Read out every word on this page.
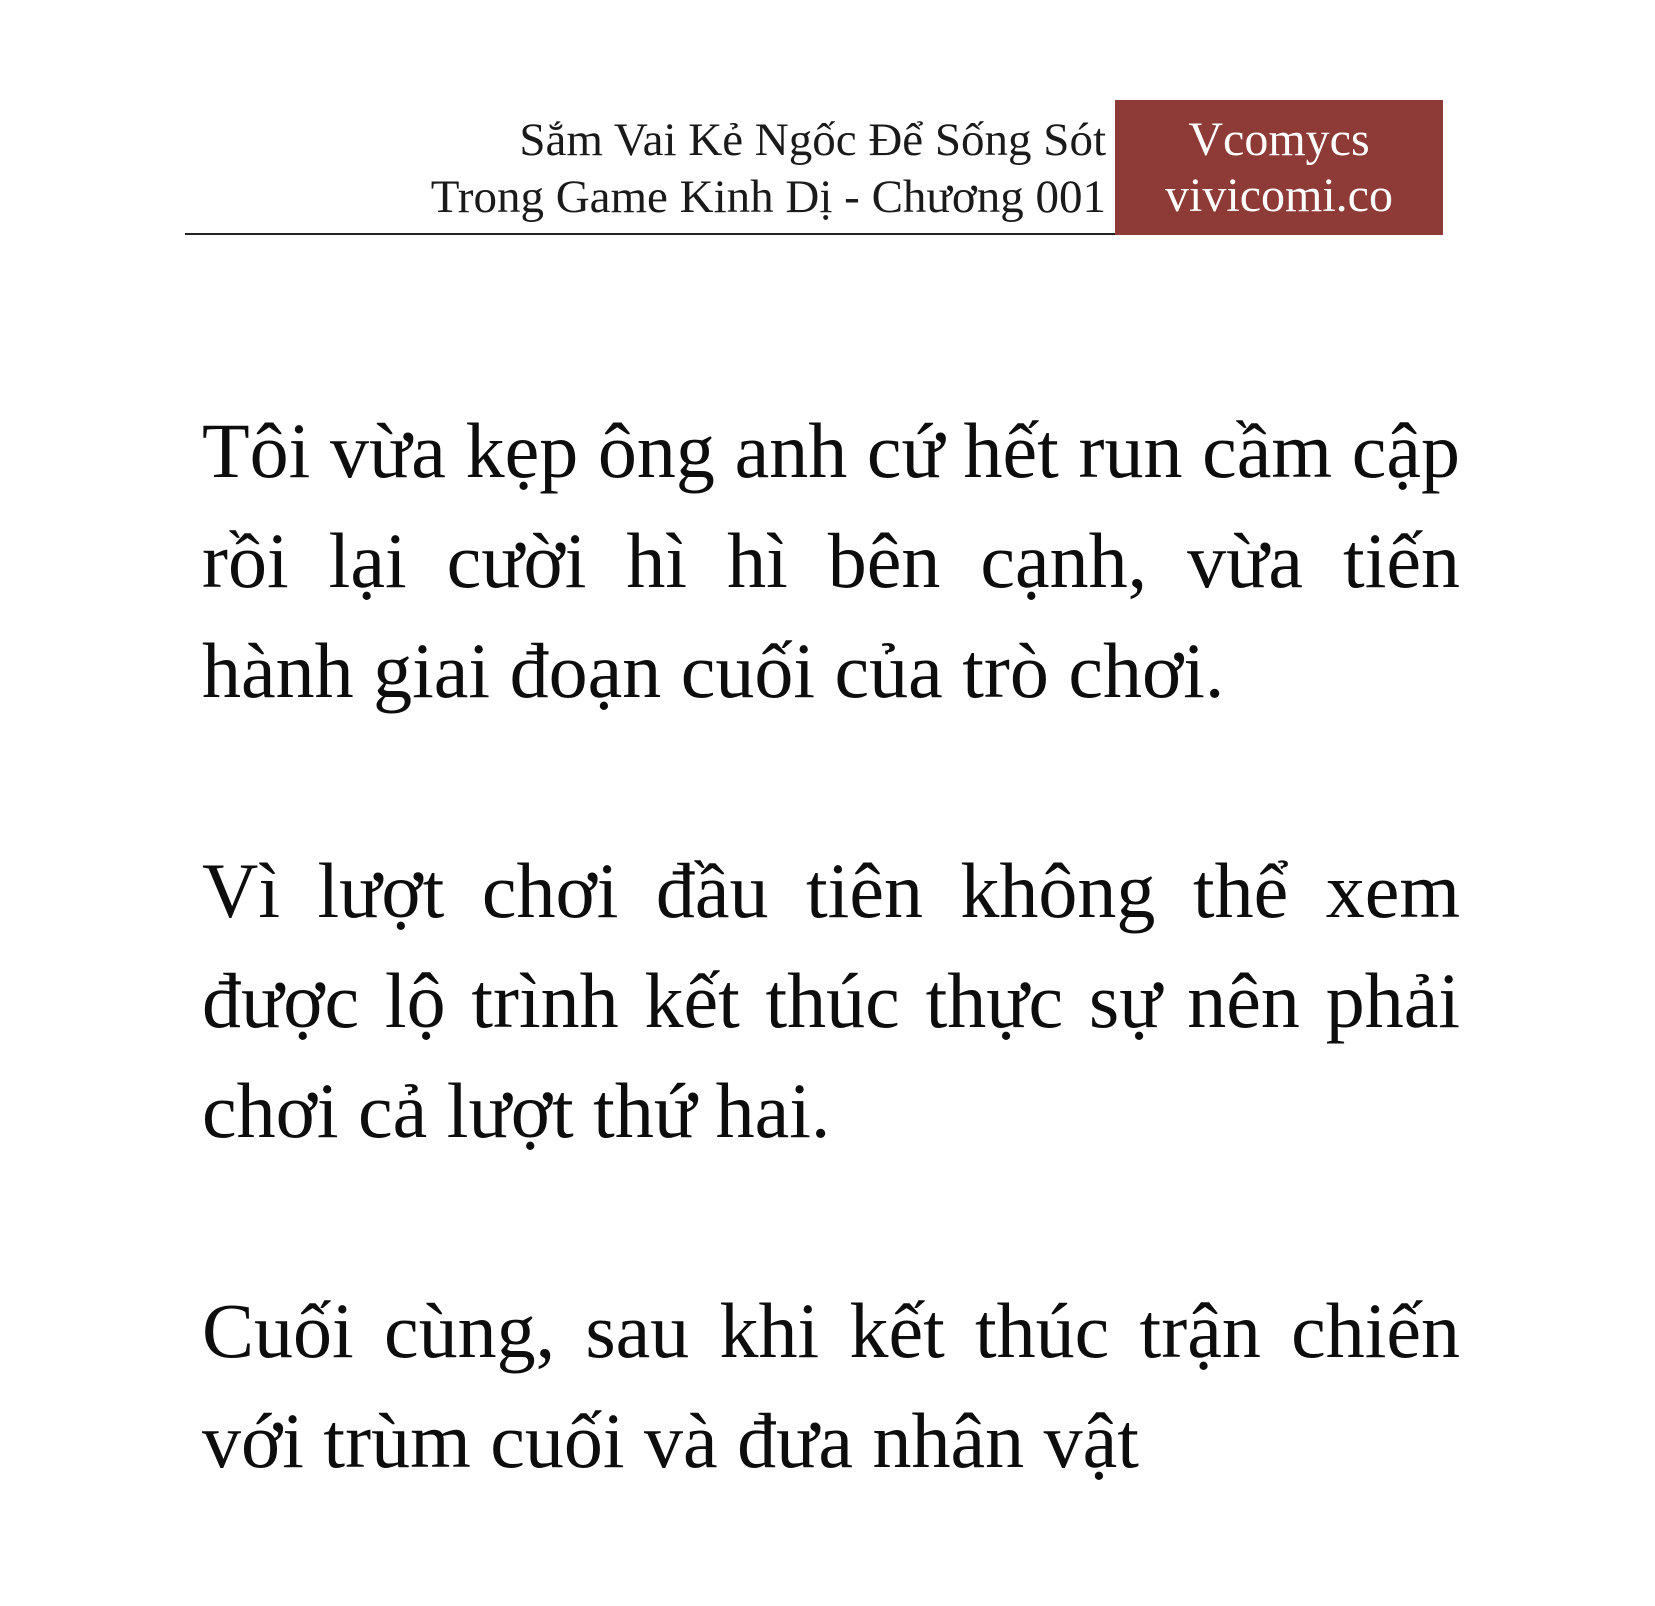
Sắm Vai Kẻ Ngốc Để Sống Sót
Trong Game Kinh Dị - Chương 001
Vcomycs
vivicomi.co

Tôi vừa kẹp ông anh cứ hết run cầm cập rồi lại cười hì hì bên cạnh, vừa tiến hành giai đoạn cuối của trò chơi.

Vì lượt chơi đầu tiên không thể xem được lộ trình kết thúc thực sự nên phải chơi cả lượt thứ hai.

Cuối cùng, sau khi kết thúc trận chiến với trùm cuối và đưa nhân vật
